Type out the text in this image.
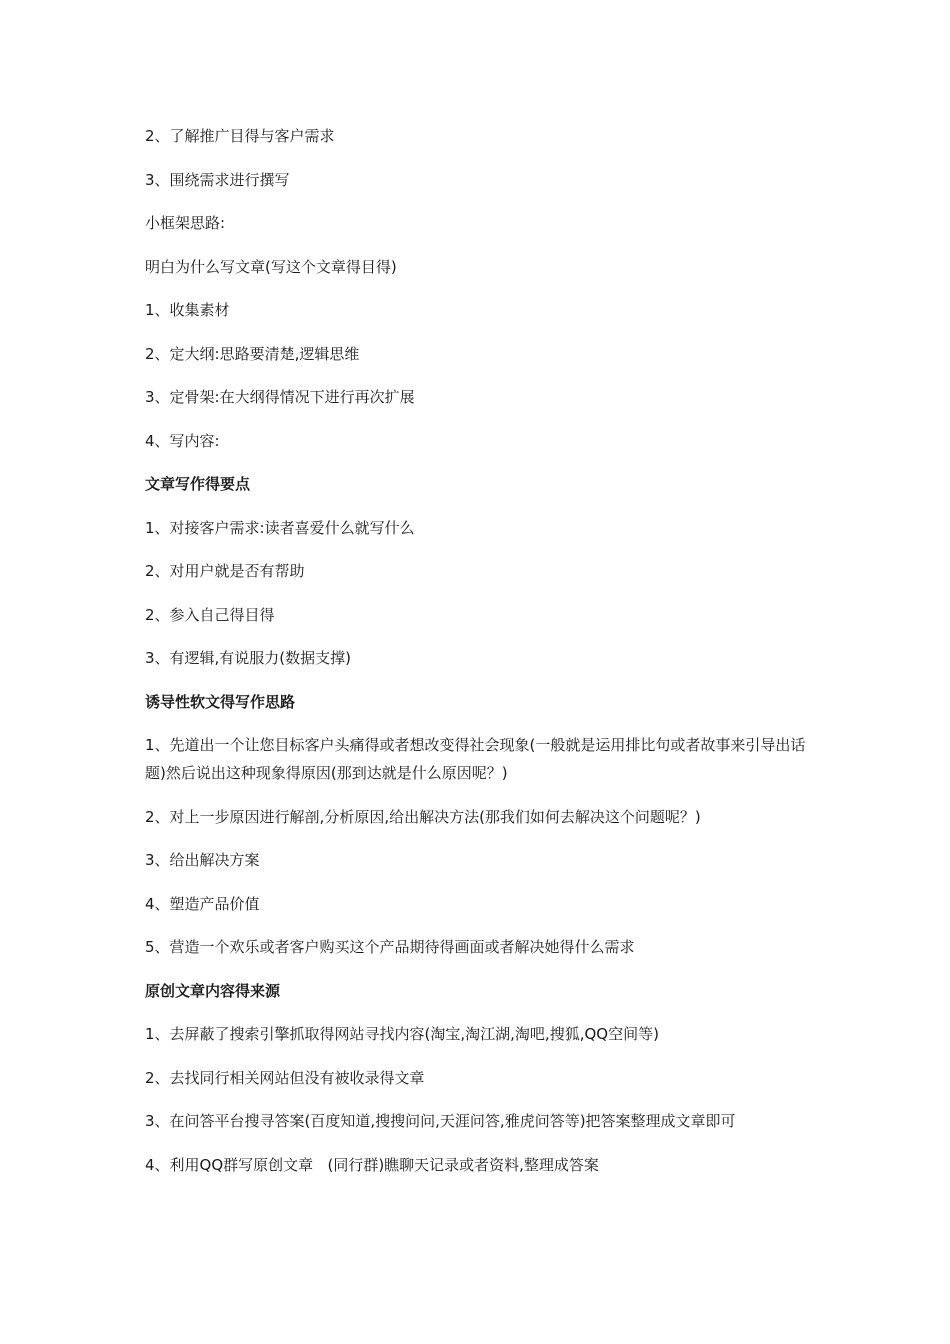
2、了解推广目得与客户需求

3、围绕需求进行撰写

小框架思路:

明白为什么写文章(写这个文章得目得)

1、收集素材

2、定大纲:思路要清楚,逻辑思维

3、定骨架:在大纲得情况下进行再次扩展

4、写内容:

文章写作得要点

1、对接客户需求:读者喜爱什么就写什么

2、对用户就是否有帮助

2、参入自己得目得

3、有逻辑,有说服力(数据支撑)

诱导性软文得写作思路

1、先道出一个让您目标客户头痛得或者想改变得社会现象(一般就是运用排比句或者故事来引导出话题)然后说出这种现象得原因(那到达就是什么原因呢？)

2、对上一步原因进行解剖,分析原因,给出解决方法(那我们如何去解决这个问题呢？)

3、给出解决方案

4、塑造产品价值

5、营造一个欢乐或者客户购买这个产品期待得画面或者解决她得什么需求

原创文章内容得来源

1、去屏蔽了搜索引擎抓取得网站寻找内容(淘宝,淘江湖,淘吧,搜狐,QQ空间等)

2、去找同行相关网站但没有被收录得文章

3、在问答平台搜寻答案(百度知道,搜搜问问,天涯问答,雅虎问答等)把答案整理成文章即可

4、利用QQ群写原创文章   (同行群)瞧聊天记录或者资料,整理成答案
